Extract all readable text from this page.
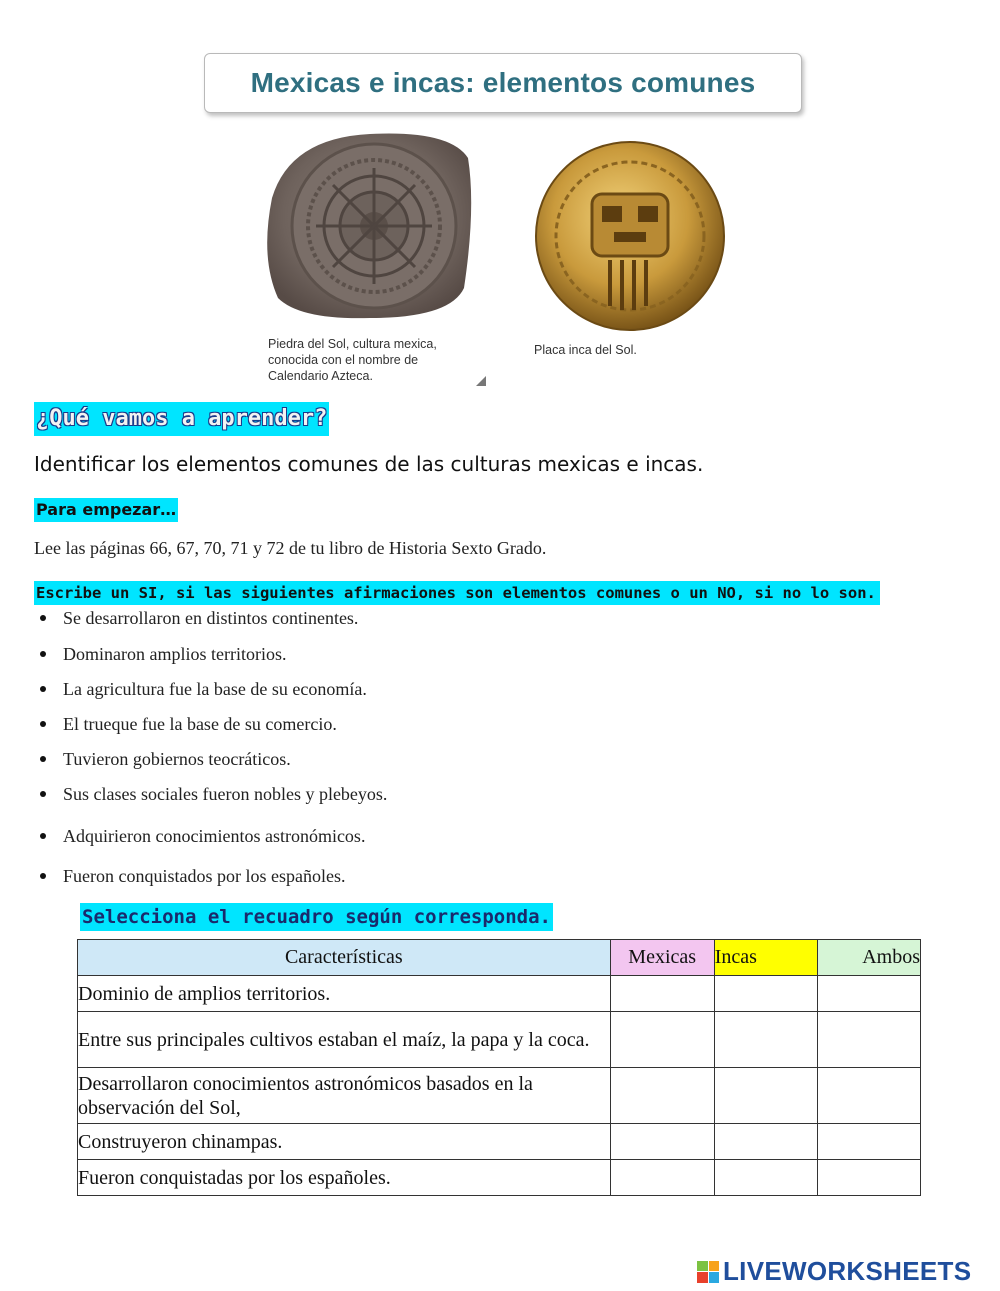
Mexicas e incas: elementos comunes
Piedra del Sol, cultura mexica, conocida con el nombre de Calendario Azteca.
Placa inca del Sol.
¿Qué vamos a aprender?
Identificar los elementos comunes de las culturas mexicas e incas.
Para empezar…
Lee las páginas 66, 67, 70, 71 y 72 de tu libro de Historia Sexto Grado.
Escribe un SI, si las siguientes afirmaciones son elementos comunes o un NO, si no lo son.
Se desarrollaron en distintos continentes.
Dominaron amplios territorios.
La agricultura fue la base de su economía.
El trueque fue la base de su comercio.
Tuvieron gobiernos teocráticos.
Sus clases sociales fueron nobles y plebeyos.
Adquirieron conocimientos astronómicos.
Fueron conquistados por los españoles.
Selecciona el recuadro según corresponda.
Características	Mexicas	Incas	Ambos
Dominio de amplios territorios.			
Entre sus principales cultivos estaban el maíz, la papa y la coca.			
Desarrollaron conocimientos astronómicos basados en la observación del Sol,			
Construyeron chinampas.			
Fueron conquistadas por los españoles.			
LIVEWORKSHEETS
